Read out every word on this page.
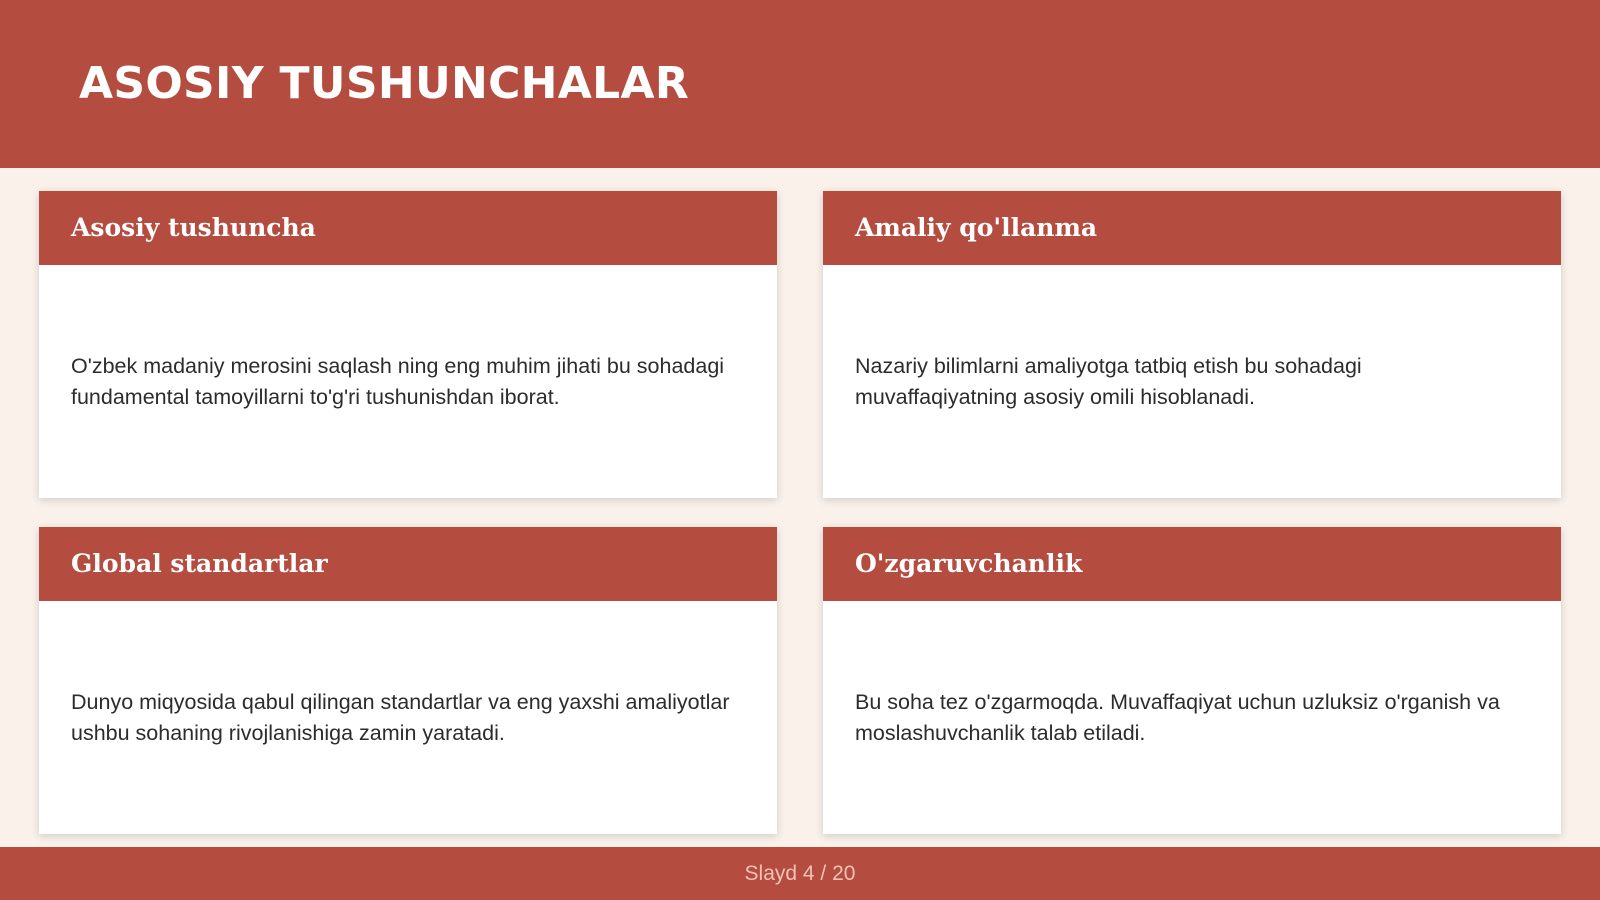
ASOSIY TUSHUNCHALAR
Asosiy tushuncha

O'zbek madaniy merosini saqlash ning eng muhim jihati bu sohadagi fundamental tamoyillarni to'g'ri tushunishdan iborat.

Amaliy qo'llanma

Nazariy bilimlarni amaliyotga tatbiq etish bu sohadagi muvaffaqiyatning asosiy omili hisoblanadi.

Global standartlar

Dunyo miqyosida qabul qilingan standartlar va eng yaxshi amaliyotlar ushbu sohaning rivojlanishiga zamin yaratadi.

O'zgaruvchanlik

Bu soha tez o'zgarmoqda. Muvaffaqiyat uchun uzluksiz o'rganish va moslashuvchanlik talab etiladi.

Slayd 4 / 20
